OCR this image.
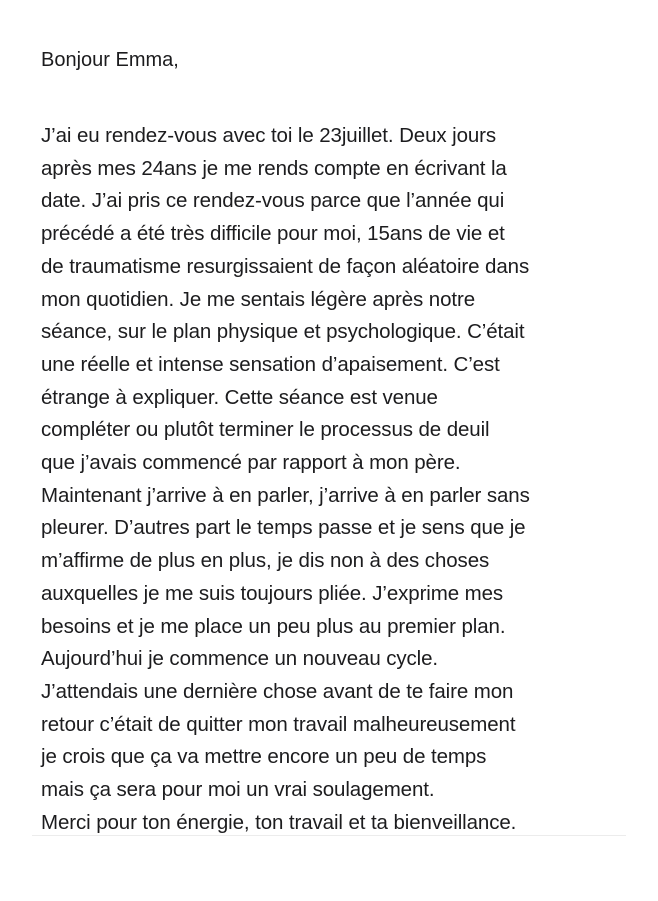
Bonjour Emma,

J’ai eu rendez-vous avec toi le 23juillet. Deux jours

après mes 24ans je me rends compte en écrivant la

date. J’ai pris ce rendez-vous parce que l’année qui

précédé a été très difficile pour moi, 15ans de vie et

de traumatisme resurgissaient de façon aléatoire dans

mon quotidien. Je me sentais légère après notre

séance, sur le plan physique et psychologique. C’était

une réelle et intense sensation d’apaisement. C’est

étrange à expliquer. Cette séance est venue

compléter ou plutôt terminer le processus de deuil

que j’avais commencé par rapport à mon père.

Maintenant j’arrive à en parler, j’arrive à en parler sans

pleurer. D’autres part le temps passe et je sens que je

m’affirme de plus en plus, je dis non à des choses

auxquelles je me suis toujours pliée. J’exprime mes

besoins et je me place un peu plus au premier plan.

Aujourd’hui je commence un nouveau cycle.

J’attendais une dernière chose avant de te faire mon

retour c’était de quitter mon travail malheureusement

je crois que ça va mettre encore un peu de temps

mais ça sera pour moi un vrai soulagement.

Merci pour ton énergie, ton travail et ta bienveillance.
